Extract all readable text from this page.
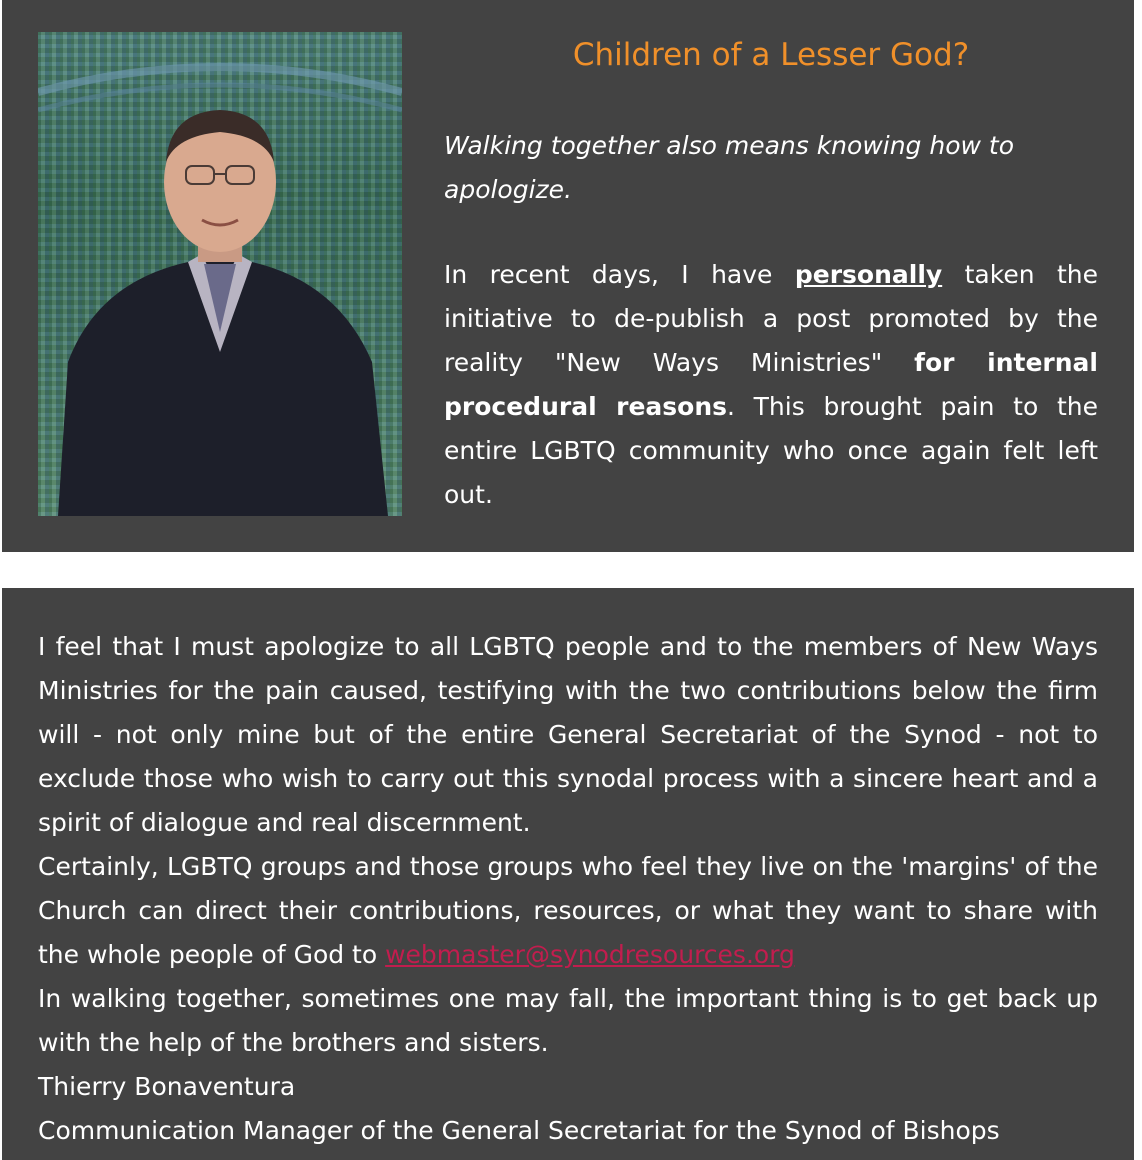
Children of a Lesser God?

Walking together also means knowing how to apologize.

In recent days, I have personally taken the initiative to de-publish a post promoted by the reality "New Ways Ministries" for internal procedural reasons. This brought pain to the entire LGBTQ community who once again felt left out.

I feel that I must apologize to all LGBTQ people and to the members of New Ways Ministries for the pain caused, testifying with the two contributions below the firm will - not only mine but of the entire General Secretariat of the Synod - not to exclude those who wish to carry out this synodal process with a sincere heart and a spirit of dialogue and real discernment.

Certainly, LGBTQ groups and those groups who feel they live on the 'margins' of the Church can direct their contributions, resources, or what they want to share with the whole people of God to webmaster@synodresources.org

In walking together, sometimes one may fall, the important thing is to get back up with the help of the brothers and sisters.

Thierry Bonaventura

Communication Manager of the General Secretariat for the Synod of Bishops
